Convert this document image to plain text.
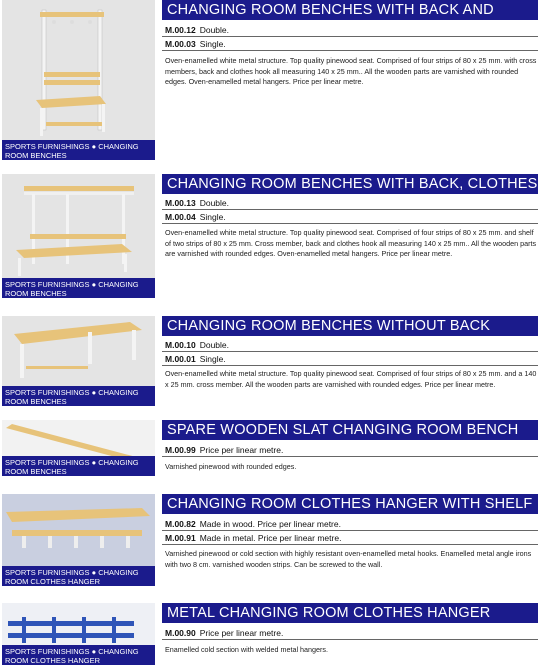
SPORTS FURNISHINGS ● CHANGING ROOM BENCHES
CHANGING ROOM BENCHES WITH BACK AND
M.00.12 Double.
M.00.03 Single.
Oven-enamelled white metal structure. Top quality pinewood seat. Comprised of four strips of 80 x 25 mm. with cross members, back and clothes hook all measuring 140 x 25 mm.. All the wooden parts are varnished with rounded edges. Oven-enamelled metal hangers. Price per linear metre.
SPORTS FURNISHINGS ● CHANGING ROOM BENCHES
CHANGING ROOM BENCHES WITH BACK, CLOTHES
M.00.13 Double.
M.00.04 Single.
Oven-enamelled white metal structure. Top quality pinewood seat. Comprised of four strips of 80 x 25 mm. and shelf of two strips of 80 x 25 mm. Cross member, back and clothes hook all measuring 140 x 25 mm.. All the wooden parts are varnished with rounded edges. Oven-enamelled metal hangers. Price per linear metre.
SPORTS FURNISHINGS ● CHANGING ROOM BENCHES
CHANGING ROOM BENCHES WITHOUT BACK
M.00.10 Double.
M.00.01 Single.
Oven-enamelled white metal structure. Top quality pinewood seat. Comprised of four strips of 80 x 25 mm. and a 140 x 25 mm. cross member. All the wooden parts are varnished with rounded edges. Price per linear metre.
SPORTS FURNISHINGS ● CHANGING ROOM BENCHES
SPARE WOODEN SLAT CHANGING ROOM BENCH
M.00.99 Price per linear metre.
Varnished pinewood with rounded edges.
SPORTS FURNISHINGS ● CHANGING ROOM CLOTHES HANGER
CHANGING ROOM CLOTHES HANGER WITH SHELF
M.00.82 Made in wood. Price per linear metre.
M.00.91 Made in metal. Price per linear metre.
Varnished pinewood or cold section with highly resistant oven-enamelled metal hooks. Enamelled metal angle irons with two 8 cm. varnished wooden strips. Can be screwed to the wall.
SPORTS FURNISHINGS ● CHANGING ROOM CLOTHES HANGER
METAL CHANGING ROOM CLOTHES HANGER
M.00.90 Price per linear metre.
Enamelled cold section with welded metal hangers.
